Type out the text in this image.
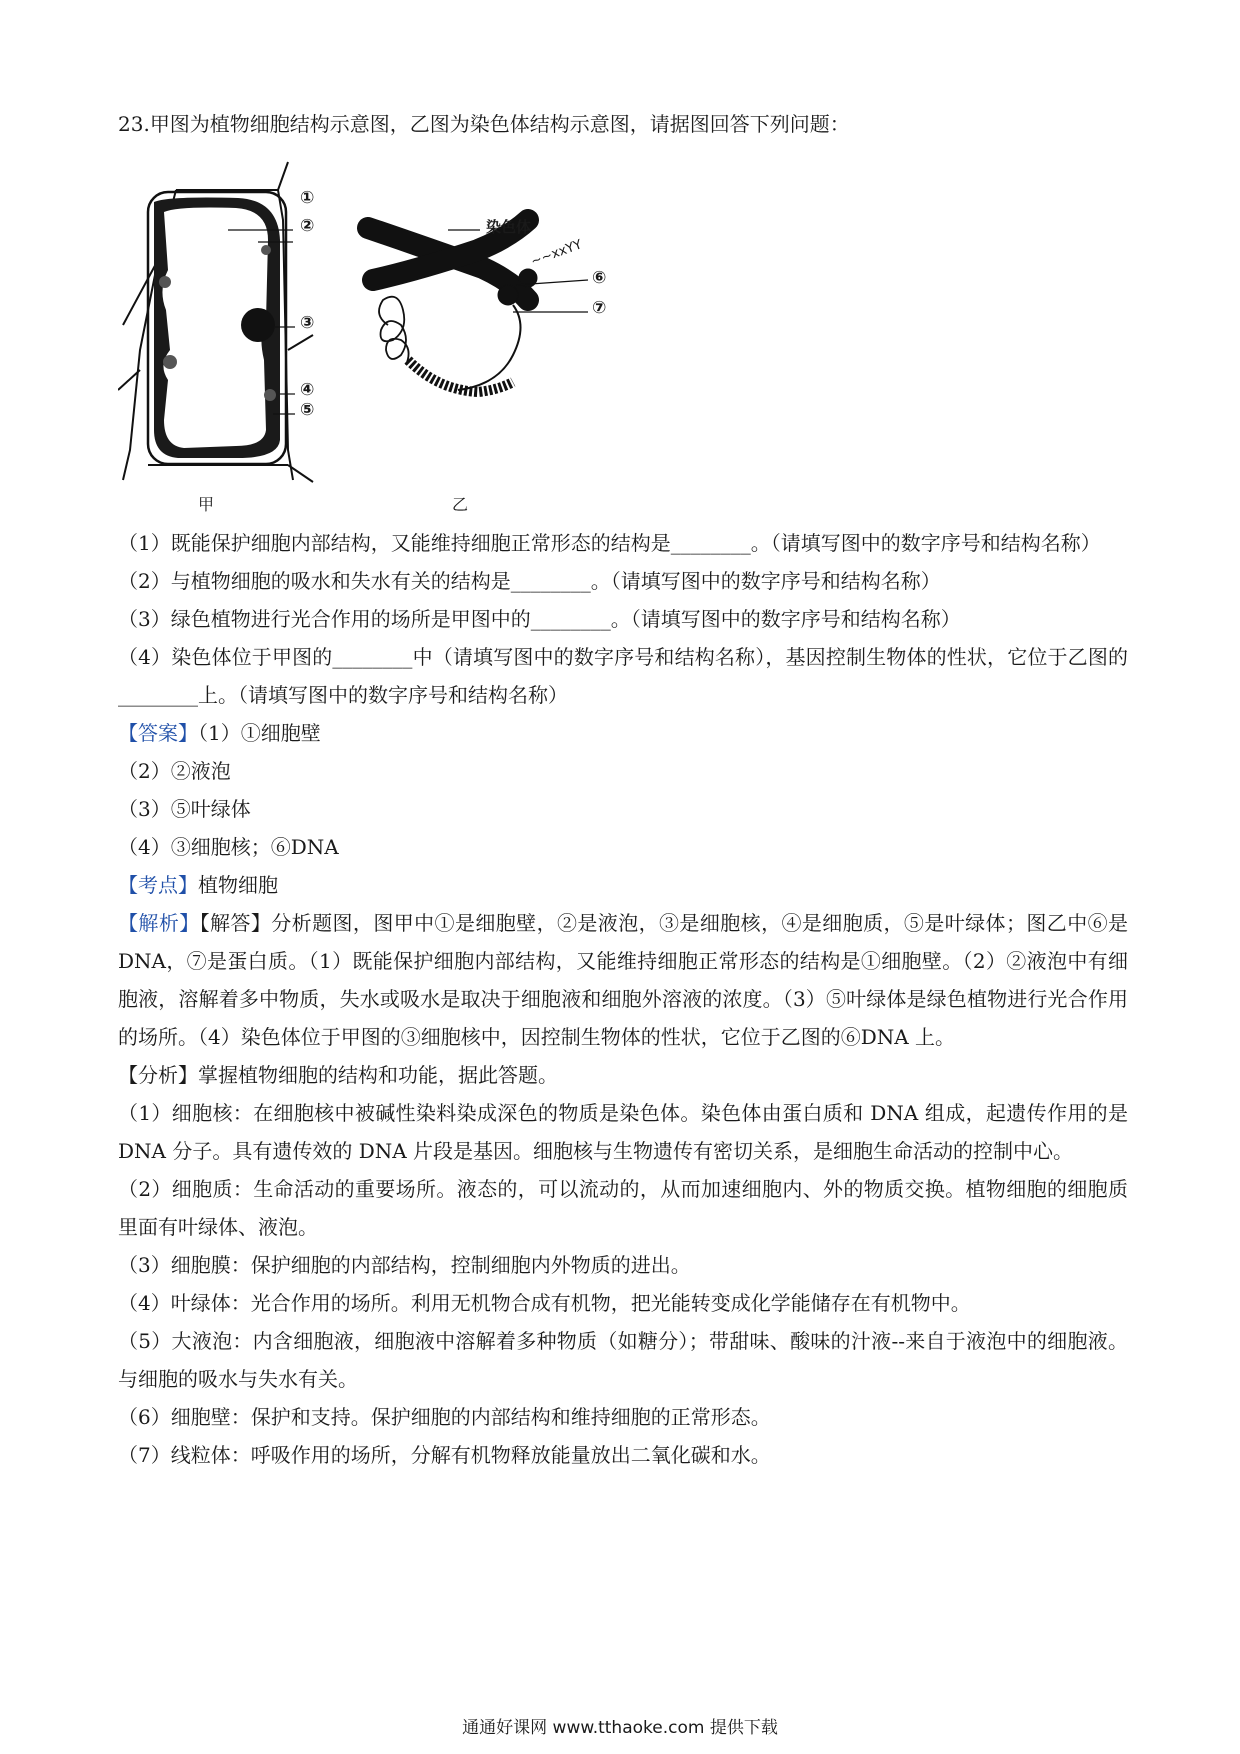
23.甲图为植物细胞结构示意图，乙图为染色体结构示意图，请据图回答下列问题：

①
②
③
④
⑤
⑥
⑦
染色体
~~xxYY
甲	乙

（1）既能保护细胞内部结构，又能维持细胞正常形态的结构是________。（请填写图中的数字序号和结构名称）

（2）与植物细胞的吸水和失水有关的结构是________。（请填写图中的数字序号和结构名称）

（3）绿色植物进行光合作用的场所是甲图中的________。（请填写图中的数字序号和结构名称）

（4）染色体位于甲图的________中（请填写图中的数字序号和结构名称），基因控制生物体的性状，它位于乙图的________上。（请填写图中的数字序号和结构名称）

【答案】（1）①细胞壁

（2）②液泡

（3）⑤叶绿体

（4）③细胞核；⑥DNA

【考点】植物细胞

【解析】【解答】分析题图，图甲中①是细胞壁，②是液泡，③是细胞核，④是细胞质，⑤是叶绿体；图乙中⑥是 DNA，⑦是蛋白质。（1）既能保护细胞内部结构，又能维持细胞正常形态的结构是①细胞壁。（2）②液泡中有细胞液，溶解着多中物质，失水或吸水是取决于细胞液和细胞外溶液的浓度。（3）⑤叶绿体是绿色植物进行光合作用的场所。（4）染色体位于甲图的③细胞核中，因控制生物体的性状，它位于乙图的⑥DNA 上。

【分析】掌握植物细胞的结构和功能，据此答题。

（1）细胞核：在细胞核中被碱性染料染成深色的物质是染色体。染色体由蛋白质和 DNA 组成，起遗传作用的是 DNA 分子。具有遗传效的 DNA 片段是基因。细胞核与生物遗传有密切关系，是细胞生命活动的控制中心。

（2）细胞质：生命活动的重要场所。液态的，可以流动的，从而加速细胞内、外的物质交换。植物细胞的细胞质里面有叶绿体、液泡。

（3）细胞膜：保护细胞的内部结构，控制细胞内外物质的进出。

（4）叶绿体：光合作用的场所。利用无机物合成有机物，把光能转变成化学能储存在有机物中。

（5）大液泡：内含细胞液，细胞液中溶解着多种物质（如糖分）；带甜味、酸味的汁液--来自于液泡中的细胞液。与细胞的吸水与失水有关。

（6）细胞壁：保护和支持。保护细胞的内部结构和维持细胞的正常形态。

（7）线粒体：呼吸作用的场所，分解有机物释放能量放出二氧化碳和水。

通通好课网 www.tthaoke.com 提供下载
